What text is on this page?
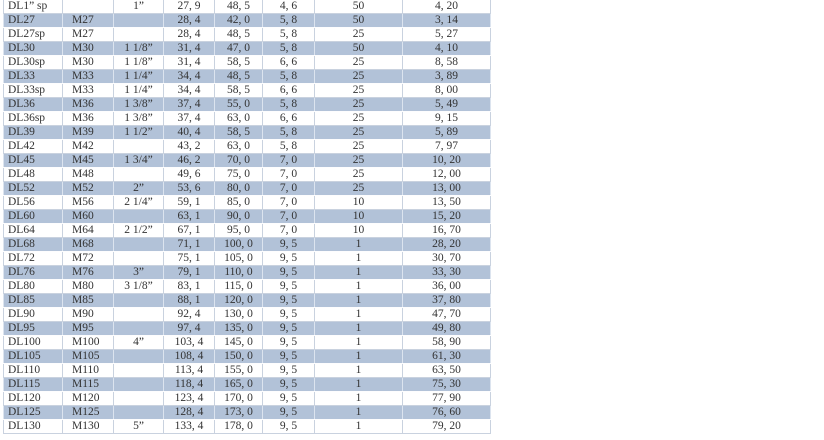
DL1” sp		1”	27, 9	48, 5	4, 6	50	4, 20
DL27	M27		28, 4	42, 0	5, 8	50	3, 14
DL27sp	M27		28, 4	48, 5	5, 8	25	5, 27
DL30	M30	1 1/8”	31, 4	47, 0	5, 8	50	4, 10
DL30sp	M30	1 1/8”	31, 4	58, 5	6, 6	25	8, 58
DL33	M33	1 1/4”	34, 4	48, 5	5, 8	25	3, 89
DL33sp	M33	1 1/4”	34, 4	58, 5	6, 6	25	8, 00
DL36	M36	1 3/8”	37, 4	55, 0	5, 8	25	5, 49
DL36sp	M36	1 3/8”	37, 4	63, 0	6, 6	25	9, 15
DL39	M39	1 1/2”	40, 4	58, 5	5, 8	25	5, 89
DL42	M42		43, 2	63, 0	5, 8	25	7, 97
DL45	M45	1 3/4”	46, 2	70, 0	7, 0	25	10, 20
DL48	M48		49, 6	75, 0	7, 0	25	12, 00
DL52	M52	2”	53, 6	80, 0	7, 0	25	13, 00
DL56	M56	2 1/4”	59, 1	85, 0	7, 0	10	13, 50
DL60	M60		63, 1	90, 0	7, 0	10	15, 20
DL64	M64	2 1/2”	67, 1	95, 0	7, 0	10	16, 70
DL68	M68		71, 1	100, 0	9, 5	1	28, 20
DL72	M72		75, 1	105, 0	9, 5	1	30, 70
DL76	M76	3”	79, 1	110, 0	9, 5	1	33, 30
DL80	M80	3 1/8”	83, 1	115, 0	9, 5	1	36, 00
DL85	M85		88, 1	120, 0	9, 5	1	37, 80
DL90	M90		92, 4	130, 0	9, 5	1	47, 70
DL95	M95		97, 4	135, 0	9, 5	1	49, 80
DL100	M100	4”	103, 4	145, 0	9, 5	1	58, 90
DL105	M105		108, 4	150, 0	9, 5	1	61, 30
DL110	M110		113, 4	155, 0	9, 5	1	63, 50
DL115	M115		118, 4	165, 0	9, 5	1	75, 30
DL120	M120		123, 4	170, 0	9, 5	1	77, 90
DL125	M125		128, 4	173, 0	9, 5	1	76, 60
DL130	M130	5”	133, 4	178, 0	9, 5	1	79, 20
